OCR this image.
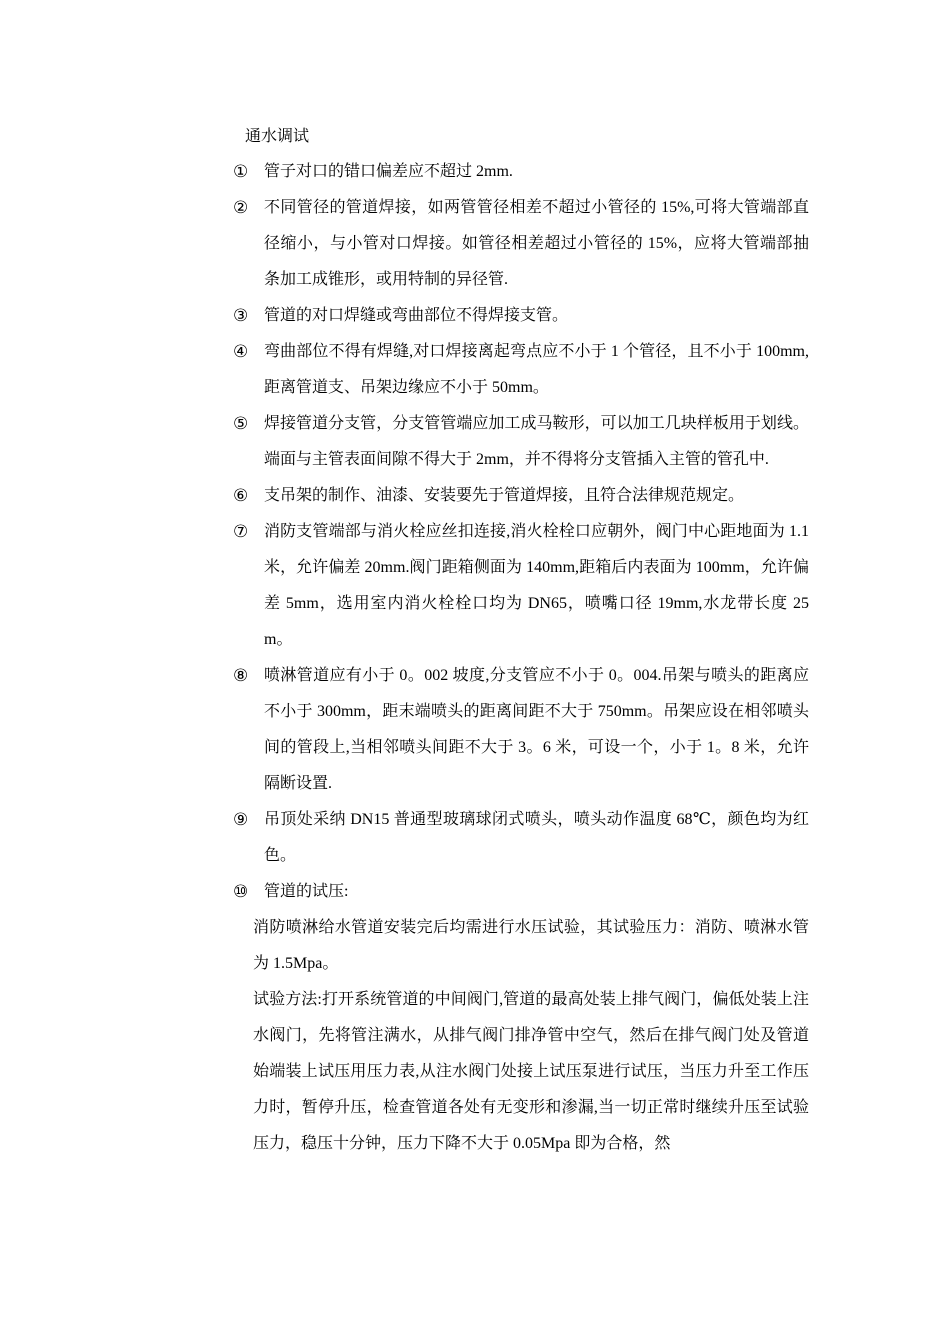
通水调试
① 管子对口的错口偏差应不超过 2mm.
② 不同管径的管道焊接，如两管管径相差不超过小管径的 15%,可将大管端部直径缩小，与小管对口焊接。如管径相差超过小管径的 15%，应将大管端部抽条加工成锥形，或用特制的异径管.
③ 管道的对口焊缝或弯曲部位不得焊接支管。
④ 弯曲部位不得有焊缝,对口焊接离起弯点应不小于 1 个管径，且不小于 100mm,距离管道支、吊架边缘应不小于 50mm。
⑤ 焊接管道分支管，分支管管端应加工成马鞍形，可以加工几块样板用于划线。端面与主管表面间隙不得大于 2mm，并不得将分支管插入主管的管孔中.
⑥ 支吊架的制作、油漆、安装要先于管道焊接，且符合法律规范规定。
⑦ 消防支管端部与消火栓应丝扣连接,消火栓栓口应朝外，阀门中心距地面为 1.1 米，允许偏差 20mm.阀门距箱侧面为 140mm,距箱后内表面为 100mm，允许偏差 5mm，选用室内消火栓栓口均为 DN65，喷嘴口径 19mm,水龙带长度 25m。
⑧ 喷淋管道应有小于 0。002 坡度,分支管应不小于 0。004.吊架与喷头的距离应不小于 300mm，距末端喷头的距离间距不大于 750mm。吊架应设在相邻喷头间的管段上,当相邻喷头间距不大于 3。6 米，可设一个，小于 1。8 米，允许隔断设置.
⑨ 吊顶处采纳 DN15 普通型玻璃球闭式喷头，喷头动作温度 68℃，颜色均为红色。
⑩ 管道的试压:
消防喷淋给水管道安装完后均需进行水压试验，其试验压力：消防、喷淋水管为 1.5Mpa。
试验方法:打开系统管道的中间阀门,管道的最高处装上排气阀门，偏低处装上注水阀门，先将管注满水，从排气阀门排净管中空气，然后在排气阀门处及管道始端装上试压用压力表,从注水阀门处接上试压泵进行试压，当压力升至工作压力时，暂停升压，检查管道各处有无变形和渗漏,当一切正常时继续升压至试验压力，稳压十分钟，压力下降不大于 0.05Mpa 即为合格，然
